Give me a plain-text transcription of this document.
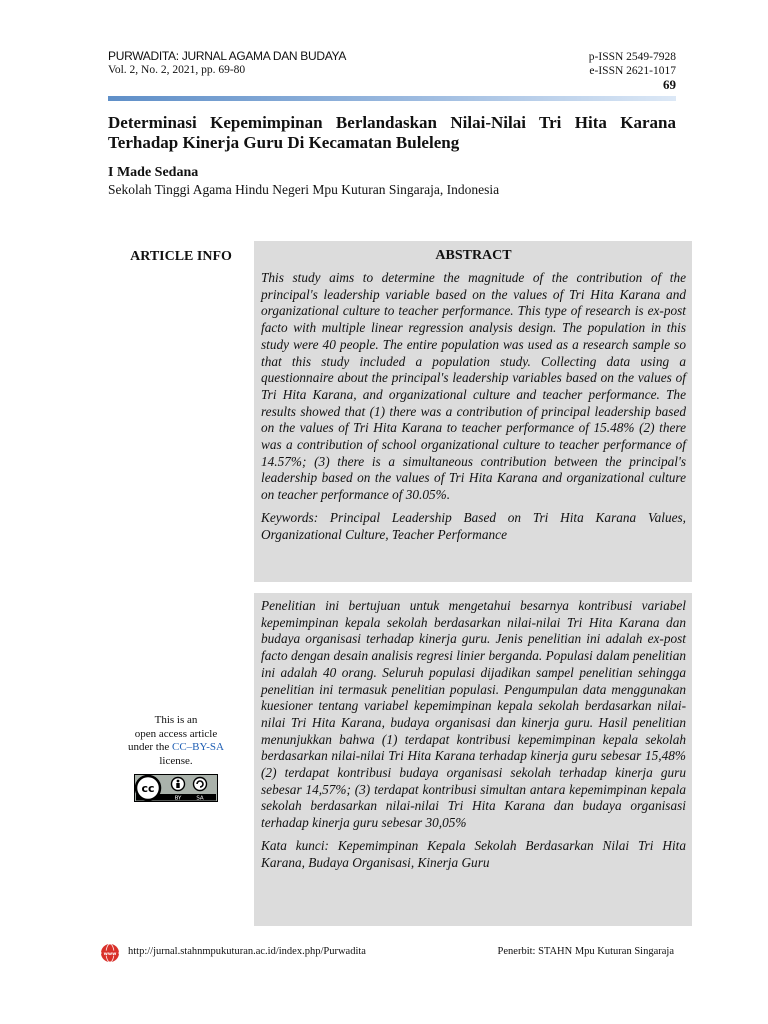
PURWADITA: JURNAL AGAMA DAN BUDAYA
Vol. 2, No. 2, 2021, pp. 69-80
p-ISSN 2549-7928
e-ISSN 2621-1017
69
Determinasi Kepemimpinan Berlandaskan Nilai-Nilai Tri Hita Karana Terhadap Kinerja Guru Di Kecamatan Buleleng
I Made Sedana
Sekolah Tinggi Agama Hindu Negeri Mpu Kuturan Singaraja, Indonesia
ARTICLE INFO	ABSTRACT

This study aims to determine the magnitude of the contribution of the principal's leadership variable based on the values of Tri Hita Karana and organizational culture to teacher performance. This type of research is ex-post facto with multiple linear regression analysis design. The population in this study were 40 people. The entire population was used as a research sample so that this study included a population study. Collecting data using a questionnaire about the principal's leadership variables based on the values of Tri Hita Karana, and organizational culture and teacher performance. The results showed that (1) there was a contribution of principal leadership based on the values of Tri Hita Karana to teacher performance of 15.48% (2) there was a contribution of school organizational culture to teacher performance of 14.57%; (3) there is a simultaneous contribution between the principal's leadership based on the values of Tri Hita Karana and organizational culture on teacher performance of 30.05%.

Keywords: Principal Leadership Based on Tri Hita Karana Values, Organizational Culture, Teacher Performance

Penelitian ini bertujuan untuk mengetahui besarnya kontribusi variabel kepemimpinan kepala sekolah berdasarkan nilai-nilai Tri Hita Karana dan budaya organisasi terhadap kinerja guru. Jenis penelitian ini adalah ex-post facto dengan desain analisis regresi linier berganda. Populasi dalam penelitian ini adalah 40 orang. Seluruh populasi dijadikan sampel penelitian sehingga penelitian ini termasuk penelitian populasi. Pengumpulan data menggunakan kuesioner tentang variabel kepemimpinan kepala sekolah berdasarkan nilai-nilai Tri Hita Karana, budaya organisasi dan kinerja guru. Hasil penelitian menunjukkan bahwa (1) terdapat kontribusi kepemimpinan kepala sekolah berdasarkan nilai-nilai Tri Hita Karana terhadap kinerja guru sebesar 15,48% (2) terdapat kontribusi budaya organisasi sekolah terhadap kinerja guru sebesar 14,57%; (3) terdapat kontribusi simultan antara kepemimpinan kepala sekolah berdasarkan nilai-nilai Tri Hita Karana dan budaya organisasi terhadap kinerja guru sebesar 30,05%

Kata kunci: Kepemimpinan Kepala Sekolah Berdasarkan Nilai Tri Hita Karana, Budaya Organisasi, Kinerja Guru

This is an
open access article
under the CC–BY-SA
license.
cc
BY	SA
www http://jurnal.stahnmpukuturan.ac.id/index.php/Purwadita	Penerbit: STAHN Mpu Kuturan Singaraja
